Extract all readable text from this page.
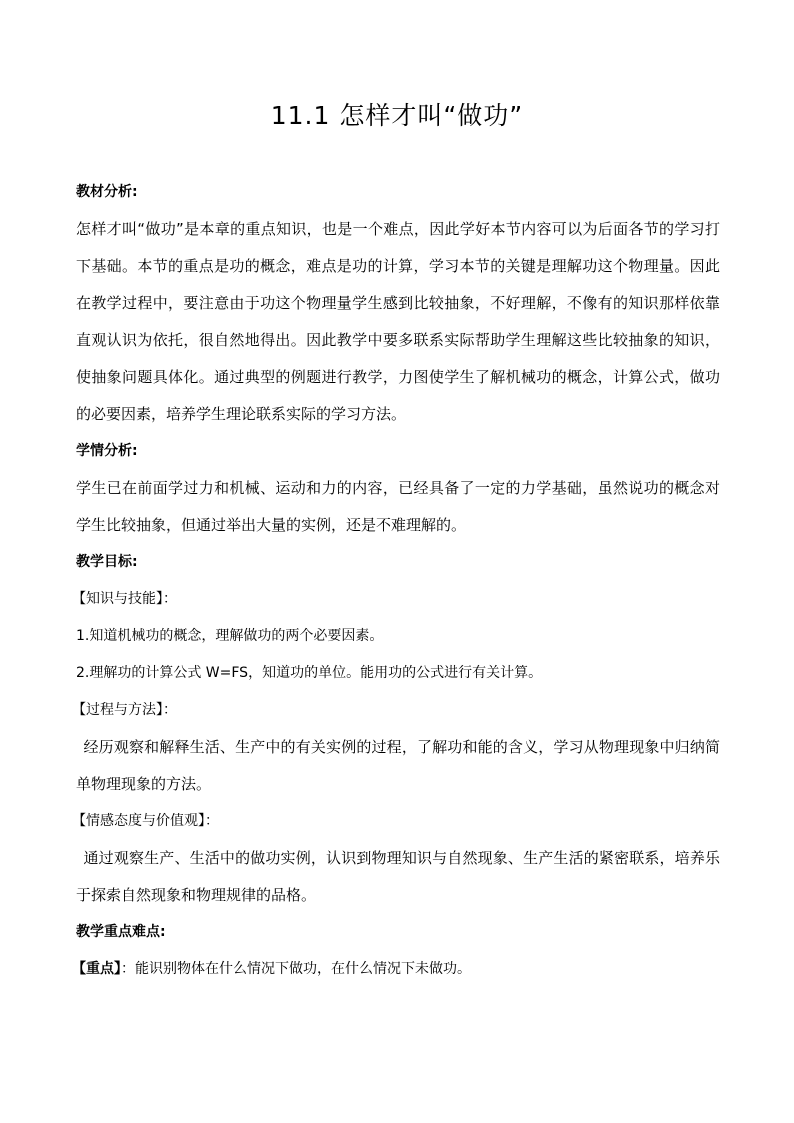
11.1 怎样才叫“做功”
教材分析:
怎样才叫“做功”是本章的重点知识，也是一个难点，因此学好本节内容可以为后面各节的学习打下基础。本节的重点是功的概念，难点是功的计算，学习本节的关键是理解功这个物理量。因此在教学过程中，要注意由于功这个物理量学生感到比较抽象，不好理解，不像有的知识那样依靠直观认识为依托，很自然地得出。因此教学中要多联系实际帮助学生理解这些比较抽象的知识，使抽象问题具体化。通过典型的例题进行教学，力图使学生了解机械功的概念，计算公式，做功的必要因素，培养学生理论联系实际的学习方法。
学情分析:
学生已在前面学过力和机械、运动和力的内容，已经具备了一定的力学基础，虽然说功的概念对学生比较抽象，但通过举出大量的实例，还是不难理解的。
教学目标:
【知识与技能】：
1.知道机械功的概念，理解做功的两个必要因素。
2.理解功的计算公式 W=FS，知道功的单位。能用功的公式进行有关计算。
【过程与方法】：
经历观察和解释生活、生产中的有关实例的过程，了解功和能的含义，学习从物理现象中归纳简单物理现象的方法。
【情感态度与价值观】：
通过观察生产、生活中的做功实例，认识到物理知识与自然现象、生产生活的紧密联系，培养乐于探索自然现象和物理规律的品格。
教学重点难点:
【重点】：能识别物体在什么情况下做功，在什么情况下未做功。
